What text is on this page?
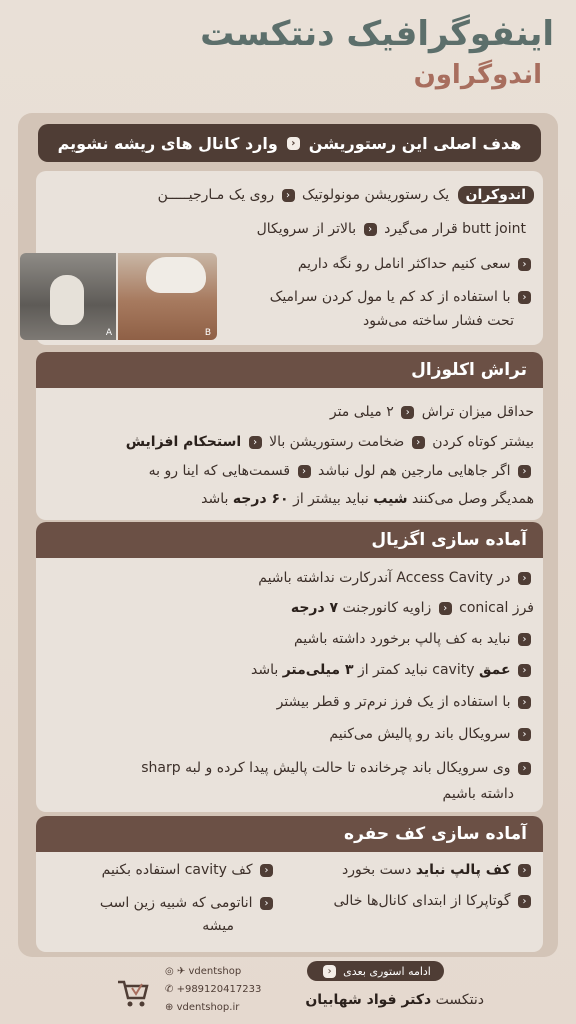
اینفوگرافیک دنتکست
اندوگراون
هدف اصلی این رستوریشن
‹
وارد کانال های ریشه نشویم
اندوکران یک رستوریشن مونولوتیک ‹ روی یک مـارجیـــــن
butt joint قرار می‌گیرد ‹ بالاتر از سرویکال
‹ سعی کنیم حداکثر انامل رو نگه داریم
‹ با استفاده از کد کم یا مول کردن سرامیک
تحت فشار ساخته می‌شود
A	B
تراش اکلوزال
حداقل میزان تراش ‹ ۲ میلی متر
بیشتر کوتاه کردن ‹ ضخامت رستوریشن بالا ‹ استحکام افزایش
‹ اگر جاهایی مارجین هم لول نباشد ‹ قسمت‌هایی که اینا رو به
همدیگر وصل می‌کنند شیب نباید بیشتر از ۶۰ درجه باشد
آماده سازی اگزیال
‹ در Access Cavity آندرکارت نداشته باشیم
فرز conical ‹ زاویه کانورجنت ۷ درجه
‹ نباید به کف پالپ برخورد داشته باشیم
‹ عمق cavity نباید کمتر از ۳ میلی‌متر باشد
‹ با استفاده از یک فرز نرم‌تر و قطر بیشتر
‹ سرویکال باند رو پالیش می‌کنیم
‹ وی سرویکال باند چرخانده تا حالت پالیش پیدا کرده و لبه sharp
داشته باشیم
آماده سازی کف حفره
‹ کف پالپ نباید دست بخورد
‹ گوتاپرکا از ابتدای کانال‌ها خالی
‹ کف cavity استفاده بکنیم
‹ اناتومی که شبیه زین اسب
میشه
ادامه استوری بعدی
‹
دنتکست دکتر فواد شهابیان
◎ ✈ vdentshop
✆ +989120417233
⊕ vdentshop.ir
